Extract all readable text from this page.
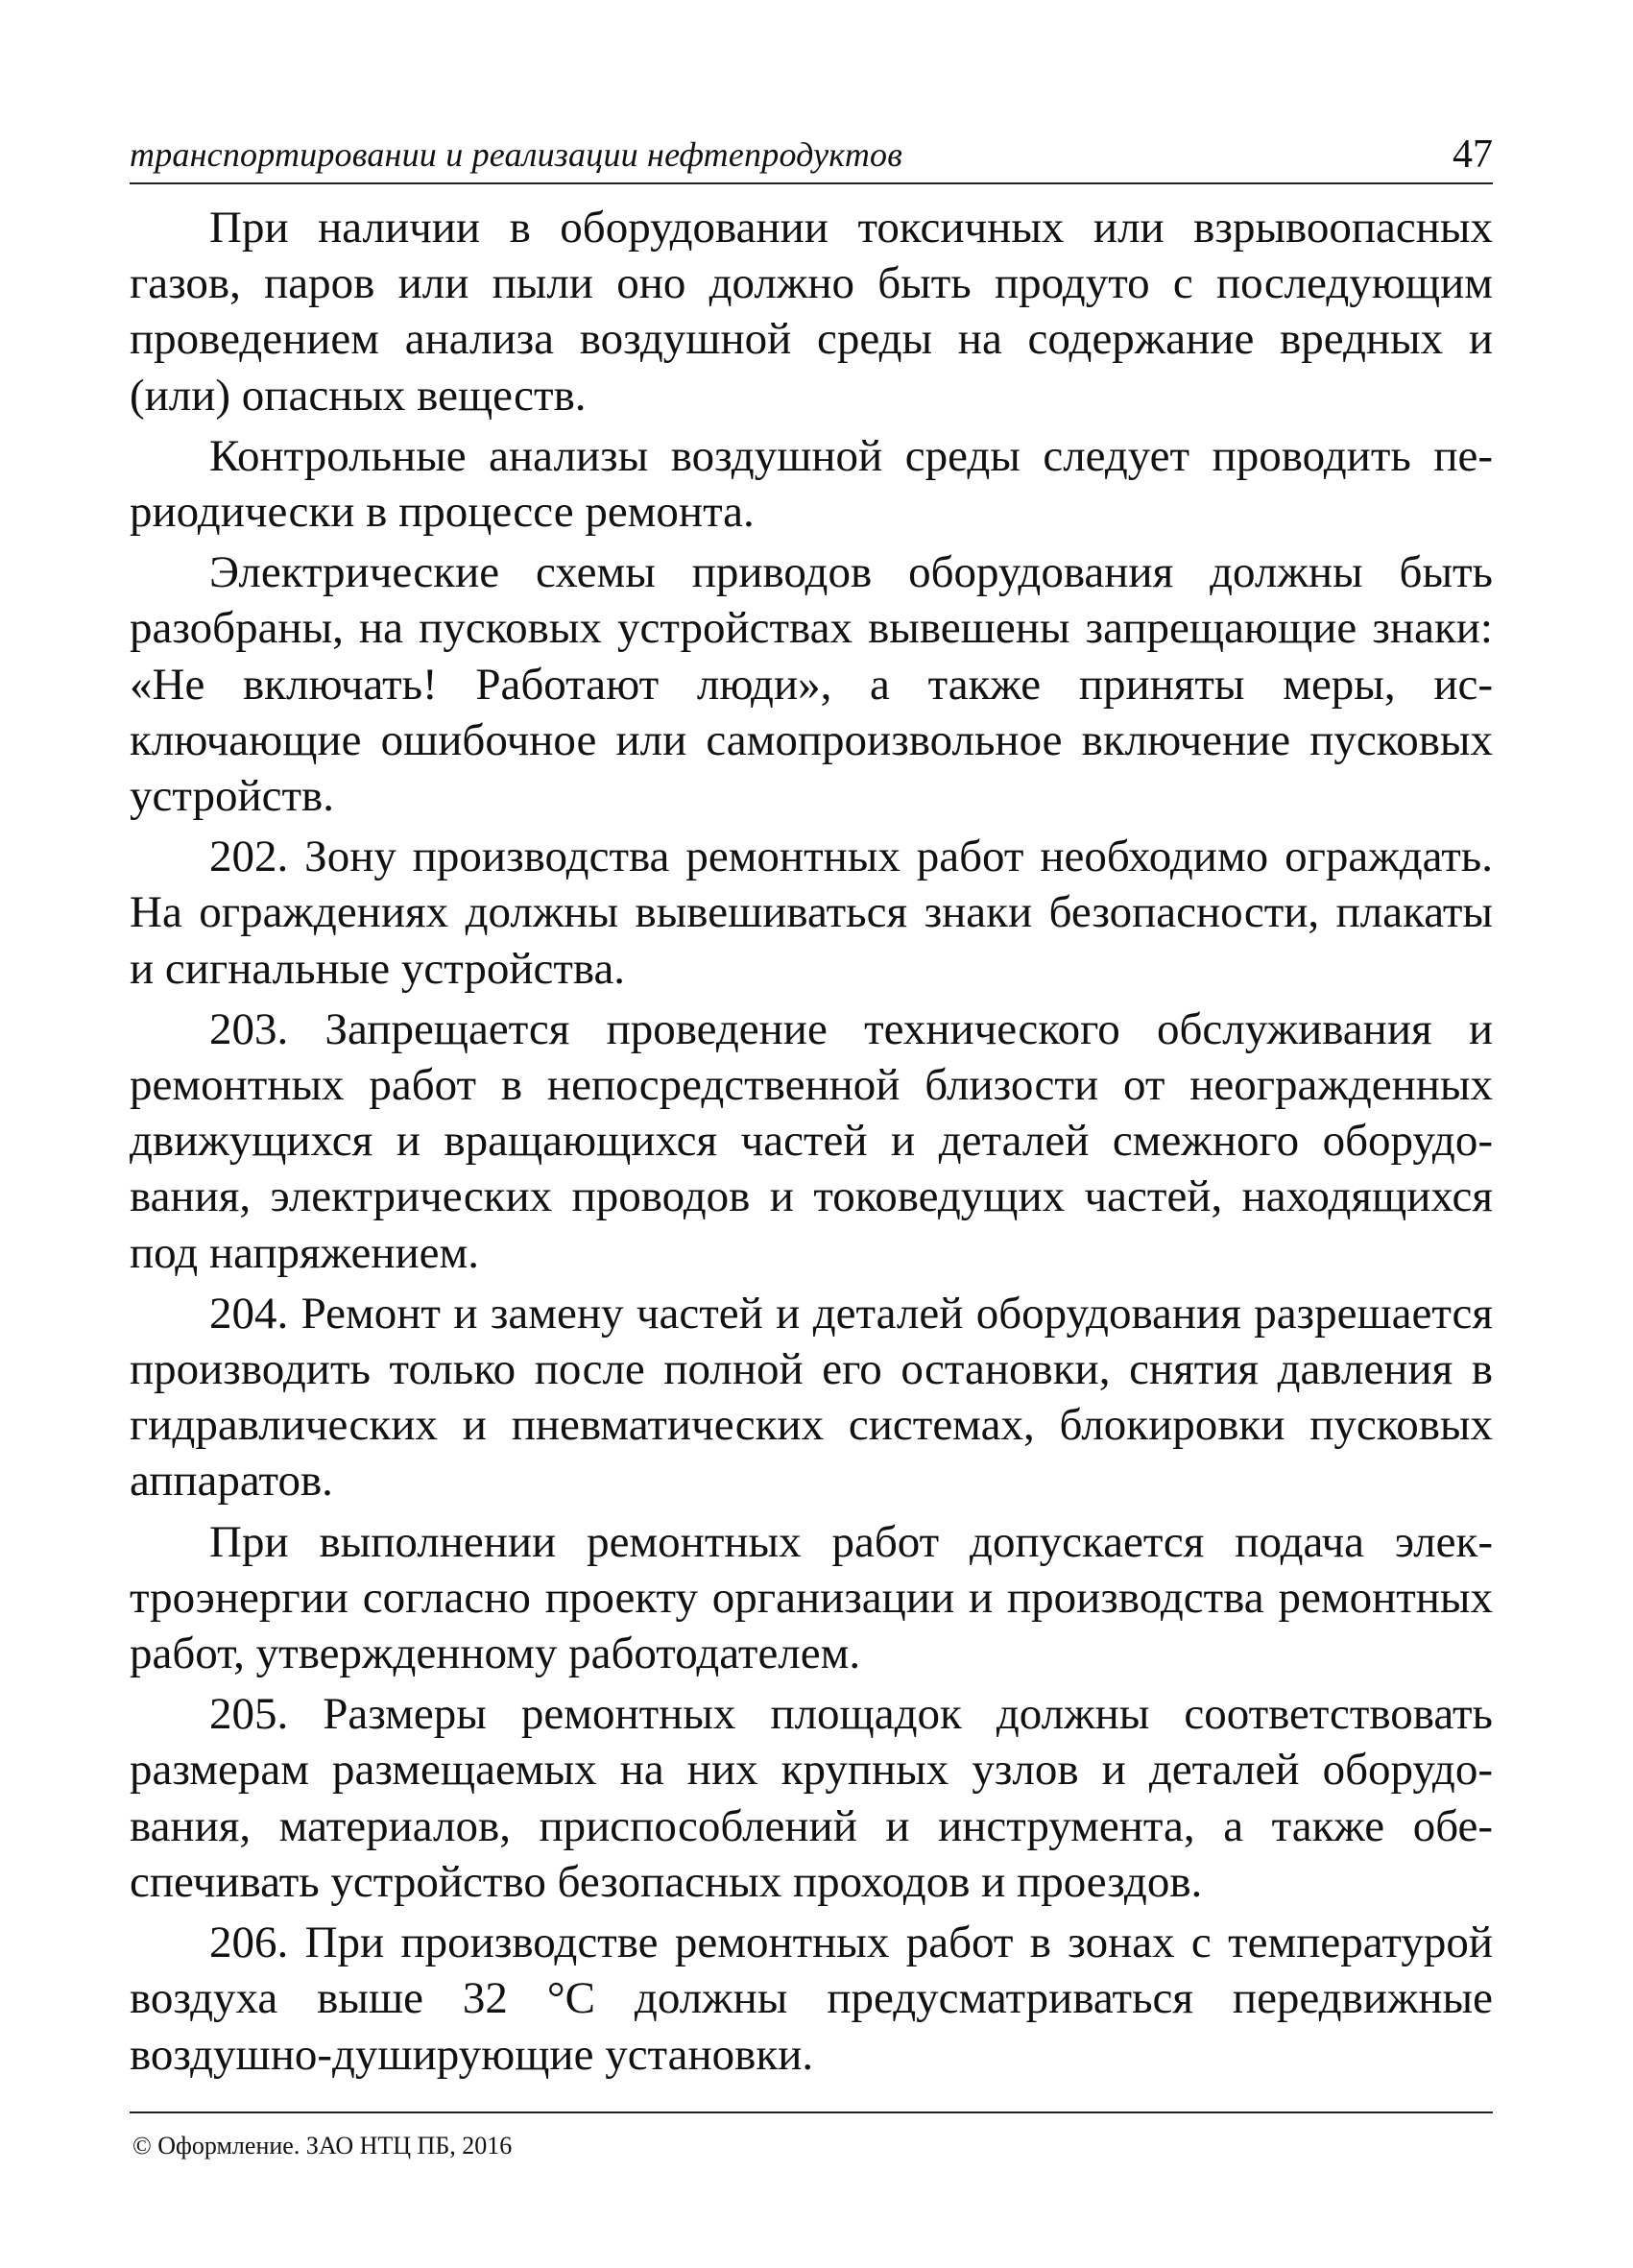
транспортировании и реализации нефтепродуктов	47

При наличии в оборудовании токсичных или взрывоопасных газов, паров или пыли оно должно быть продуто с последующим проведением анализа воздушной среды на содержание вредных и (или) опасных веществ.

Контрольные анализы воздушной среды следует проводить периодически в процессе ремонта.

Электрические схемы приводов оборудования должны быть разобраны, на пусковых устройствах вывешены запрещающие знаки: «Не включать! Работают люди», а также приняты меры, исключающие ошибочное или самопроизвольное включение пусковых устройств.

202. Зону производства ремонтных работ необходимо ограждать. На ограждениях должны вывешиваться знаки безопасности, плакаты и сигнальные устройства.

203. Запрещается проведение технического обслуживания и ремонтных работ в непосредственной близости от неогражденных движущихся и вращающихся частей и деталей смежного оборудования, электрических проводов и токоведущих частей, находящихся под напряжением.

204. Ремонт и замену частей и деталей оборудования разрешается производить только после полной его остановки, снятия давления в гидравлических и пневматических системах, блокировки пусковых аппаратов.

При выполнении ремонтных работ допускается подача электроэнергии согласно проекту организации и производства ремонтных работ, утвержденному работодателем.

205. Размеры ремонтных площадок должны соответствовать размерам размещаемых на них крупных узлов и деталей оборудования, материалов, приспособлений и инструмента, а также обеспечивать устройство безопасных проходов и проездов.

206. При производстве ремонтных работ в зонах с температурой воздуха выше 32 °С должны предусматриваться передвижные воздушно-душирующие установки.

© Оформление. ЗАО НТЦ ПБ, 2016
